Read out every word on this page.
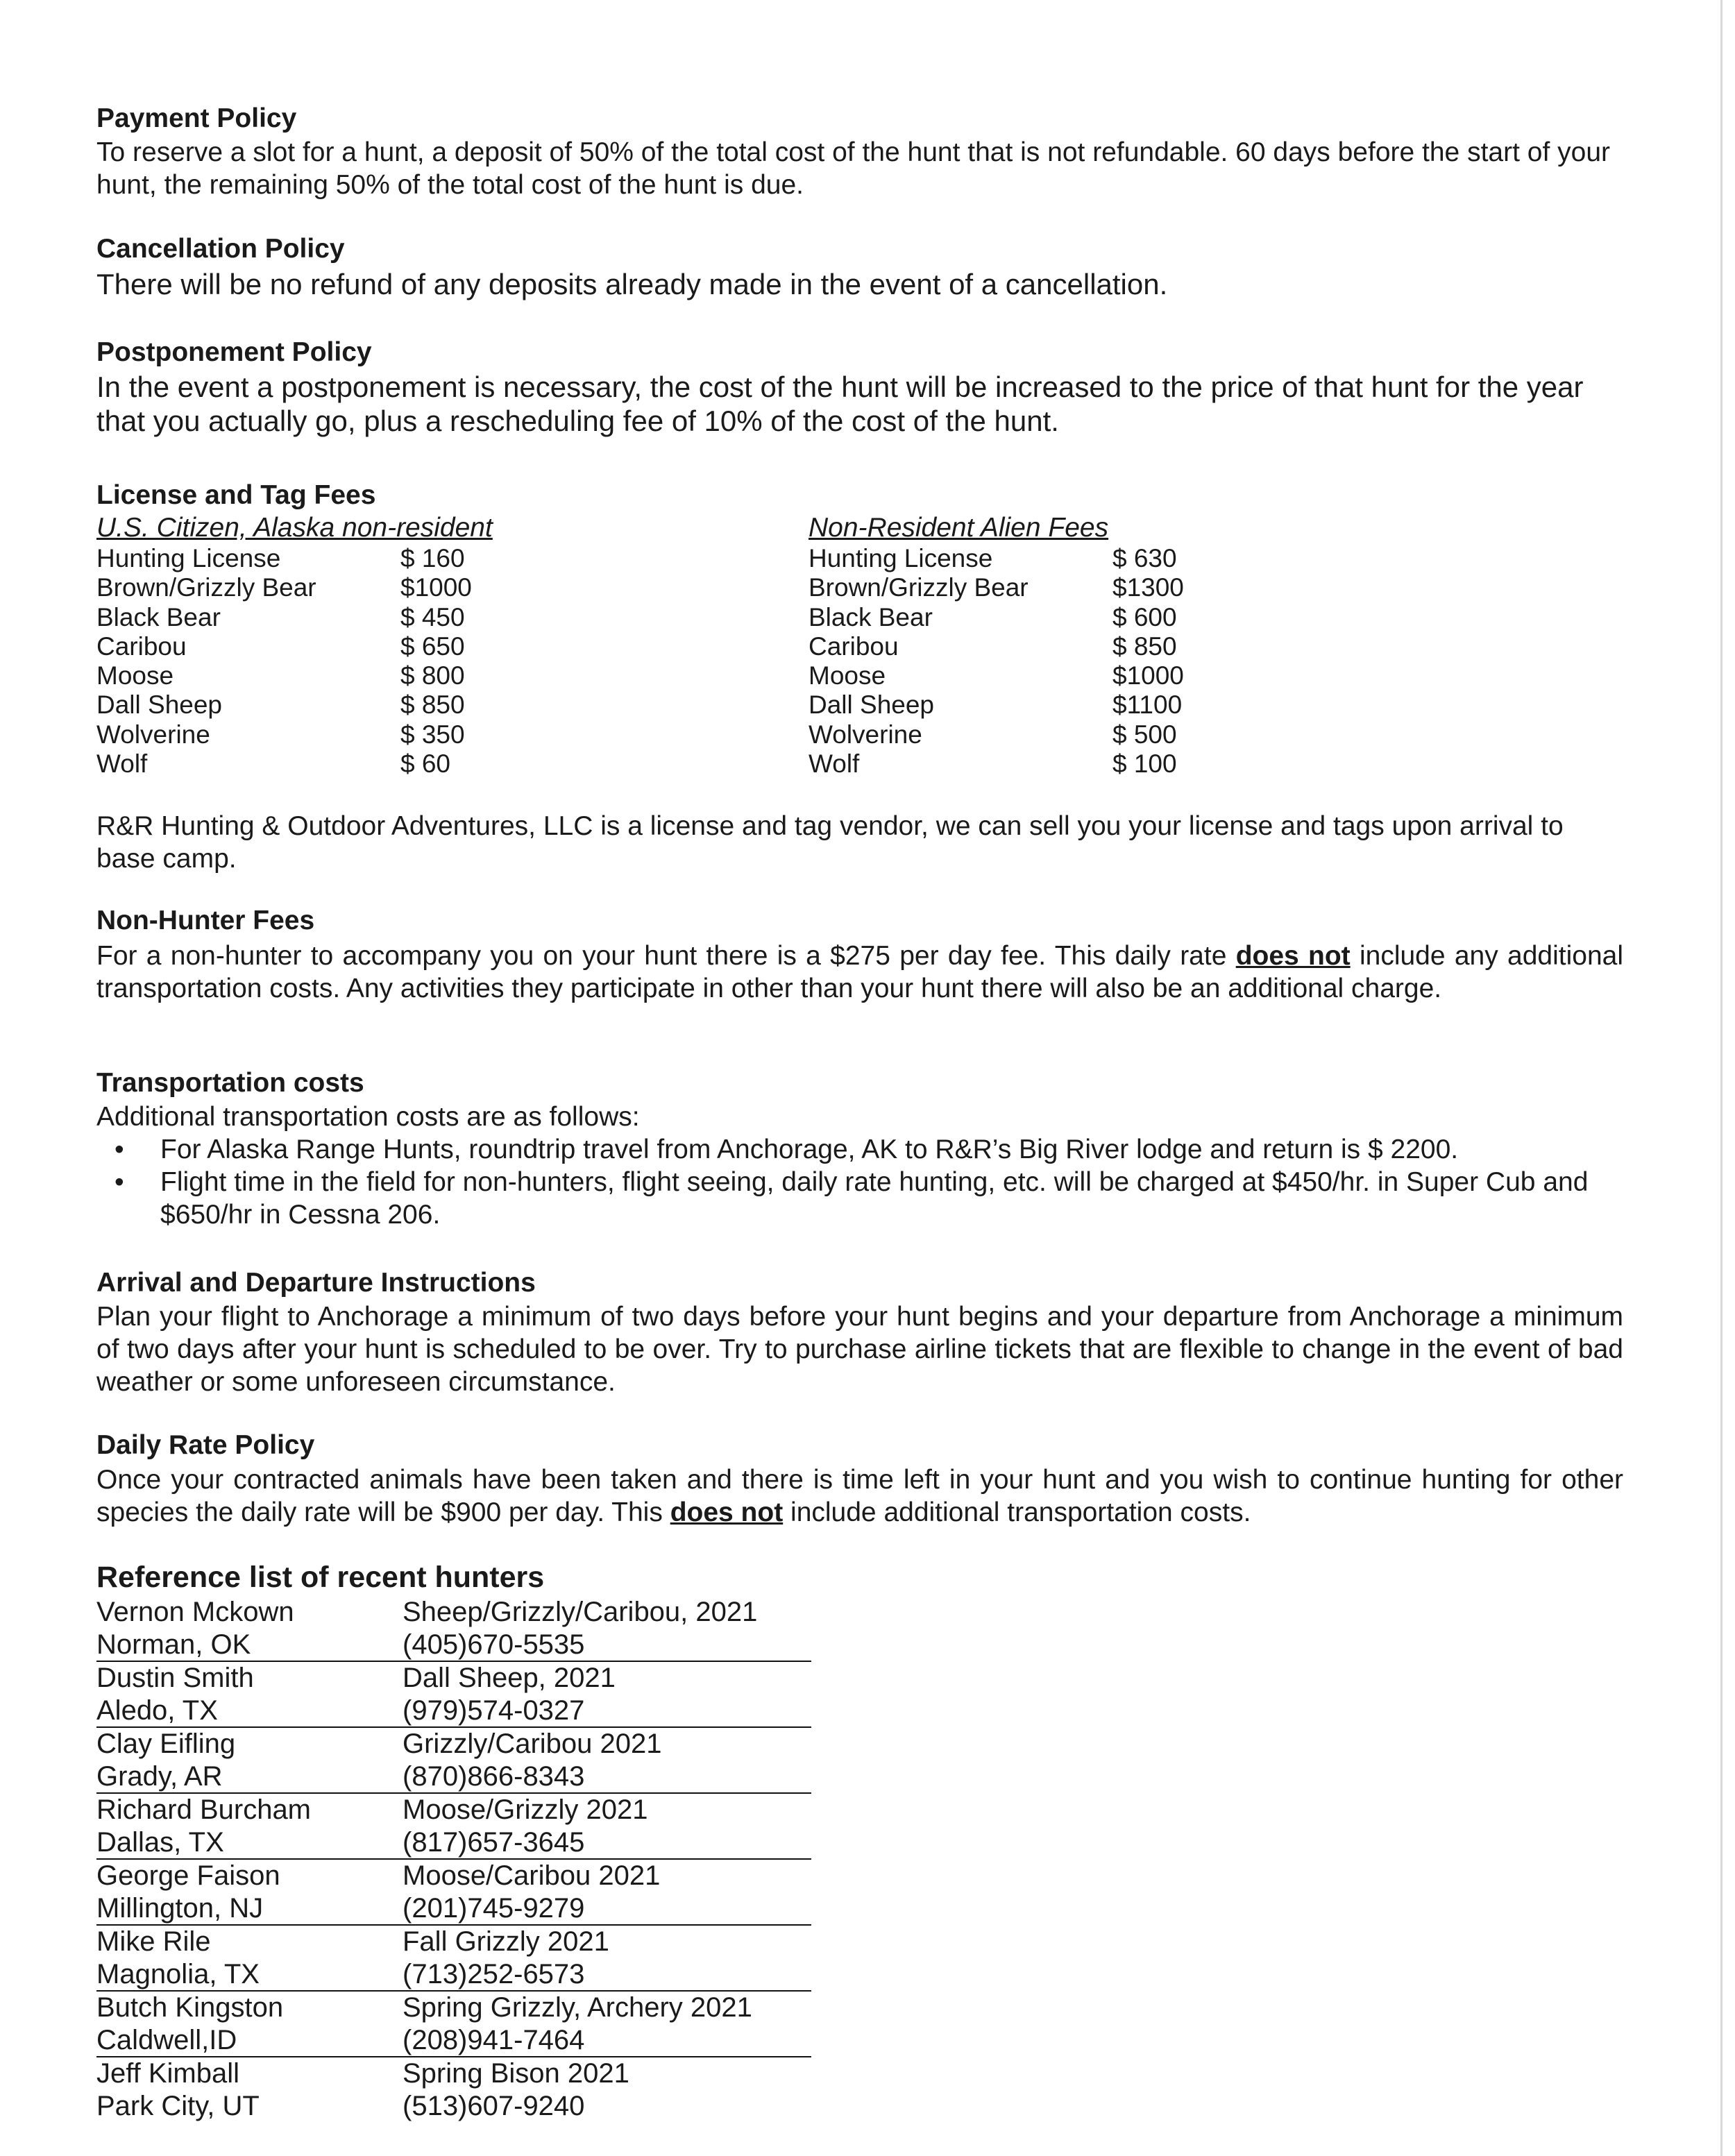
Payment Policy
To reserve a slot for a hunt, a deposit of 50% of the total cost of the hunt that is not refundable. 60 days before the start of your hunt, the remaining 50% of the total cost of the hunt is due.
Cancellation Policy
There will be no refund of any deposits already made in the event of a cancellation.
Postponement Policy
In the event a postponement is necessary, the cost of the hunt will be increased to the price of that hunt for the year that you actually go, plus a rescheduling fee of 10% of the cost of the hunt.
License and Tag Fees
U.S. Citizen, Alaska non-resident
Hunting License	$ 160
Brown/Grizzly Bear	$1000
Black Bear	$ 450
Caribou	$ 650
Moose	$ 800
Dall Sheep	$ 850
Wolverine	$ 350
Wolf	$ 60
Non-Resident Alien Fees
Hunting License	$ 630
Brown/Grizzly Bear	$1300
Black Bear	$ 600
Caribou	$ 850
Moose	$1000
Dall Sheep	$1100
Wolverine	$ 500
Wolf	$ 100
R&R Hunting & Outdoor Adventures, LLC is a license and tag vendor, we can sell you your license and tags upon arrival to base camp.
Non-Hunter Fees
For a non-hunter to accompany you on your hunt there is a $275 per day fee. This daily rate does not include any additional transportation costs. Any activities they participate in other than your hunt there will also be an additional charge.
Transportation costs
Additional transportation costs are as follows:
• For Alaska Range Hunts, roundtrip travel from Anchorage, AK to R&R’s Big River lodge and return is $ 2200.
• Flight time in the field for non-hunters, flight seeing, daily rate hunting, etc. will be charged at $450/hr. in Super Cub and $650/hr in Cessna 206.
Arrival and Departure Instructions
Plan your flight to Anchorage a minimum of two days before your hunt begins and your departure from Anchorage a minimum of two days after your hunt is scheduled to be over. Try to purchase airline tickets that are flexible to change in the event of bad weather or some unforeseen circumstance.
Daily Rate Policy
Once your contracted animals have been taken and there is time left in your hunt and you wish to continue hunting for other species the daily rate will be $900 per day. This does not include additional transportation costs.
Reference list of recent hunters
Vernon Mckown	Sheep/Grizzly/Caribou, 2021
Norman, OK	(405)670-5535
Dustin Smith	Dall Sheep, 2021
Aledo, TX	(979)574-0327
Clay Eifling	Grizzly/Caribou 2021
Grady, AR	(870)866-8343
Richard Burcham	Moose/Grizzly 2021
Dallas, TX	(817)657-3645
George Faison	Moose/Caribou 2021
Millington, NJ	(201)745-9279
Mike Rile	Fall Grizzly 2021
Magnolia, TX	(713)252-6573
Butch Kingston	Spring Grizzly, Archery 2021
Caldwell,ID	(208)941-7464
Jeff Kimball	Spring Bison 2021
Park City, UT	(513)607-9240
